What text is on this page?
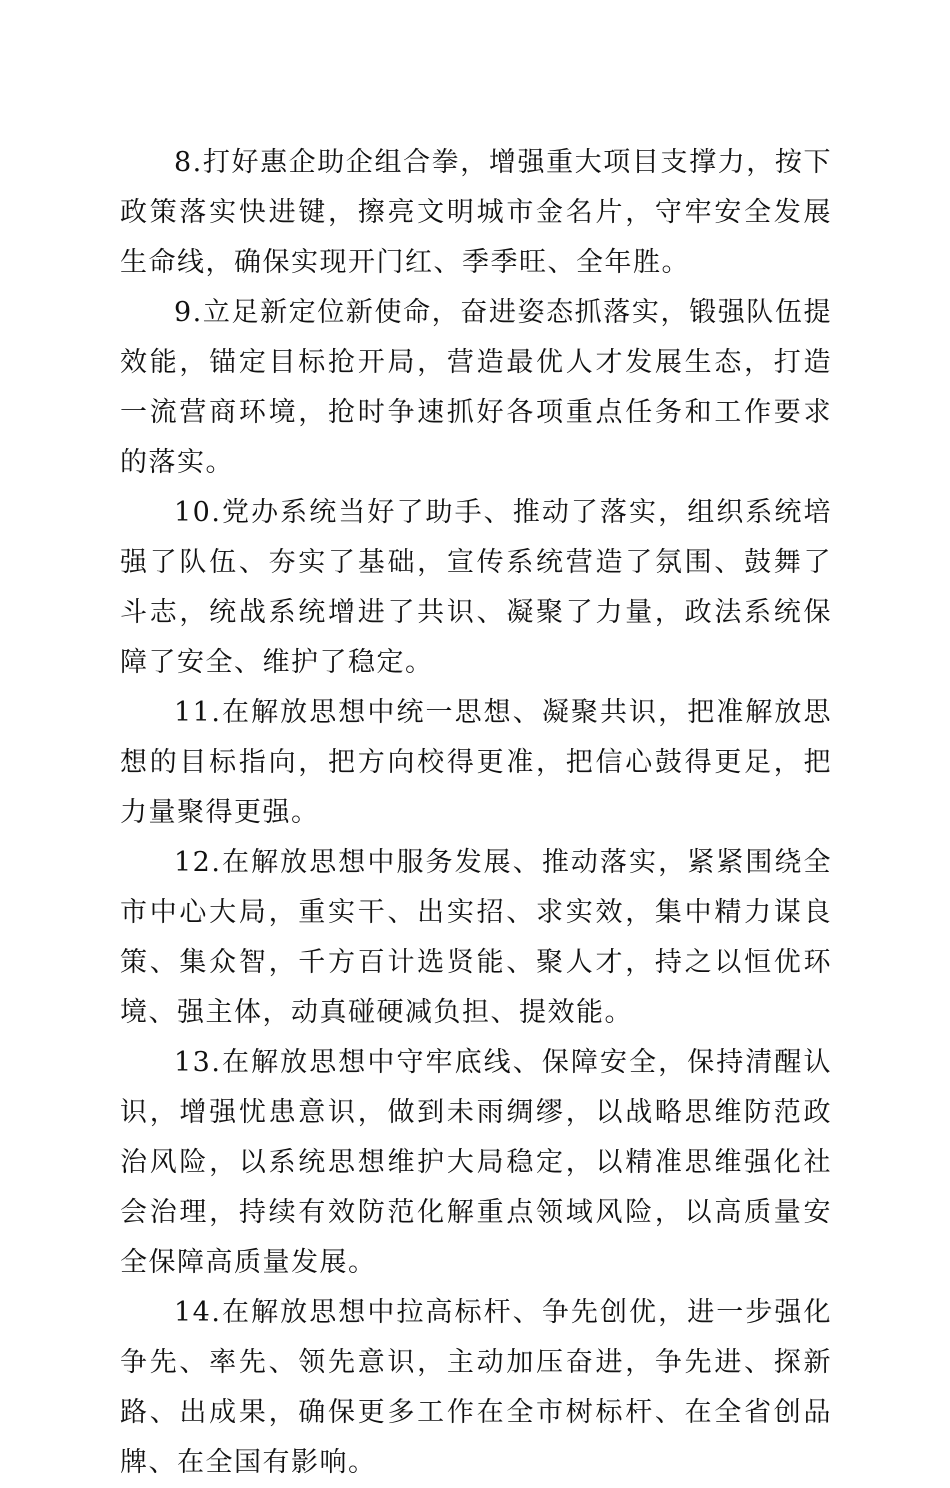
8.打好惠企助企组合拳，增强重大项目支撑力，按下政策落实快进键，擦亮文明城市金名片，守牢安全发展生命线，确保实现开门红、季季旺、全年胜。

9.立足新定位新使命，奋进姿态抓落实，锻强队伍提效能，锚定目标抢开局，营造最优人才发展生态，打造一流营商环境，抢时争速抓好各项重点任务和工作要求的落实。

10.党办系统当好了助手、推动了落实，组织系统培强了队伍、夯实了基础，宣传系统营造了氛围、鼓舞了斗志，统战系统增进了共识、凝聚了力量，政法系统保障了安全、维护了稳定。

11.在解放思想中统一思想、凝聚共识，把准解放思想的目标指向，把方向校得更准，把信心鼓得更足，把力量聚得更强。

12.在解放思想中服务发展、推动落实，紧紧围绕全市中心大局，重实干、出实招、求实效，集中精力谋良策、集众智，千方百计选贤能、聚人才，持之以恒优环境、强主体，动真碰硬减负担、提效能。

13.在解放思想中守牢底线、保障安全，保持清醒认识，增强忧患意识，做到未雨绸缪，以战略思维防范政治风险，以系统思想维护大局稳定，以精准思维强化社会治理，持续有效防范化解重点领域风险，以高质量安全保障高质量发展。

14.在解放思想中拉高标杆、争先创优，进一步强化争先、率先、领先意识，主动加压奋进，争先进、探新路、出成果，确保更多工作在全市树标杆、在全省创品牌、在全国有影响。
